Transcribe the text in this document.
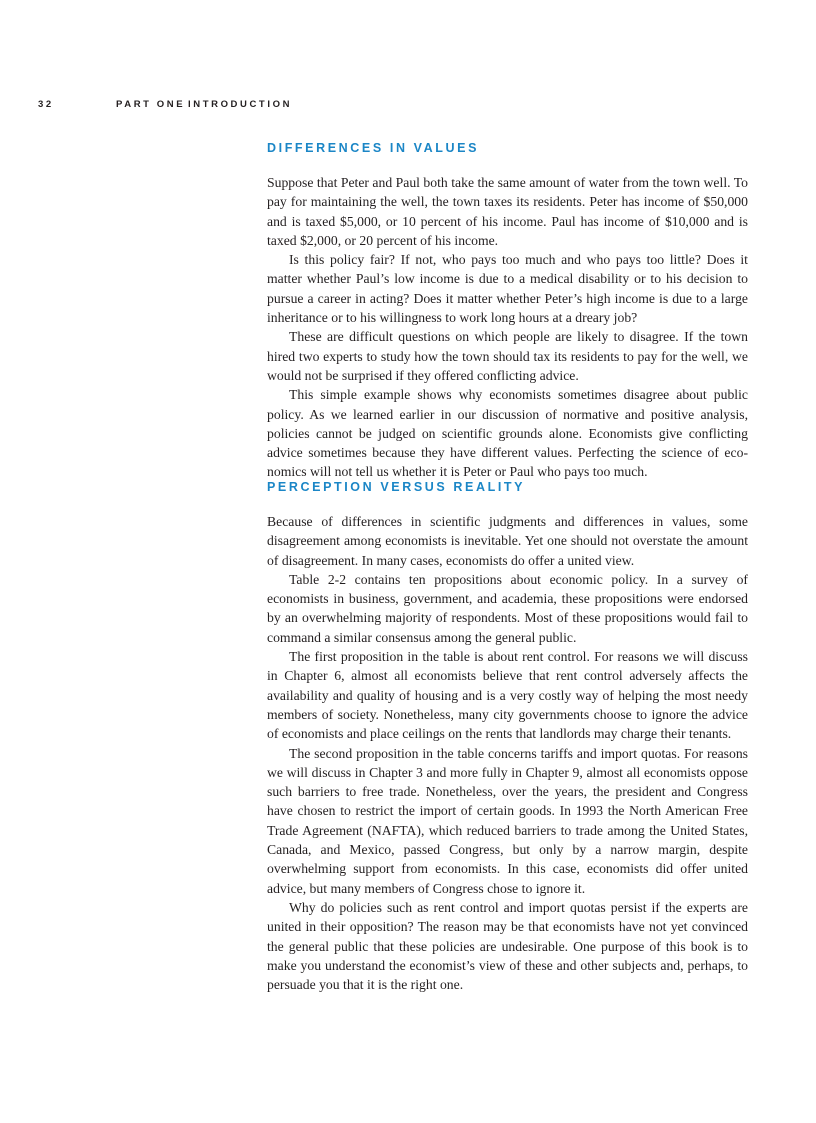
32	PART ONE INTRODUCTION
DIFFERENCES IN VALUES

Suppose that Peter and Paul both take the same amount of water from the town well. To pay for maintaining the well, the town taxes its residents. Peter has income of $50,000 and is taxed $5,000, or 10 percent of his income. Paul has income of $10,000 and is taxed $2,000, or 20 percent of his income.

Is this policy fair? If not, who pays too much and who pays too little? Does it matter whether Paul’s low income is due to a medical disability or to his decision to pursue a career in acting? Does it matter whether Peter’s high income is due to a large inheritance or to his willingness to work long hours at a dreary job?

These are difficult questions on which people are likely to disagree. If the town hired two experts to study how the town should tax its residents to pay for the well, we would not be surprised if they offered conflicting advice.

This simple example shows why economists sometimes disagree about public policy. As we learned earlier in our discussion of normative and positive analysis, policies cannot be judged on scientific grounds alone. Economists give conflicting advice sometimes because they have different values. Perfecting the science of economics will not tell us whether it is Peter or Paul who pays too much.

PERCEPTION VERSUS REALITY

Because of differences in scientific judgments and differences in values, some disagreement among economists is inevitable. Yet one should not overstate the amount of disagreement. In many cases, economists do offer a united view.

Table 2-2 contains ten propositions about economic policy. In a survey of economists in business, government, and academia, these propositions were endorsed by an overwhelming majority of respondents. Most of these propositions would fail to command a similar consensus among the general public.

The first proposition in the table is about rent control. For reasons we will discuss in Chapter 6, almost all economists believe that rent control adversely affects the availability and quality of housing and is a very costly way of helping the most needy members of society. Nonetheless, many city governments choose to ignore the advice of economists and place ceilings on the rents that landlords may charge their tenants.

The second proposition in the table concerns tariffs and import quotas. For reasons we will discuss in Chapter 3 and more fully in Chapter 9, almost all economists oppose such barriers to free trade. Nonetheless, over the years, the president and Congress have chosen to restrict the import of certain goods. In 1993 the North American Free Trade Agreement (NAFTA), which reduced barriers to trade among the United States, Canada, and Mexico, passed Congress, but only by a narrow margin, despite overwhelming support from economists. In this case, economists did offer united advice, but many members of Congress chose to ignore it.

Why do policies such as rent control and import quotas persist if the experts are united in their opposition? The reason may be that economists have not yet convinced the general public that these policies are undesirable. One purpose of this book is to make you understand the economist’s view of these and other subjects and, perhaps, to persuade you that it is the right one.
